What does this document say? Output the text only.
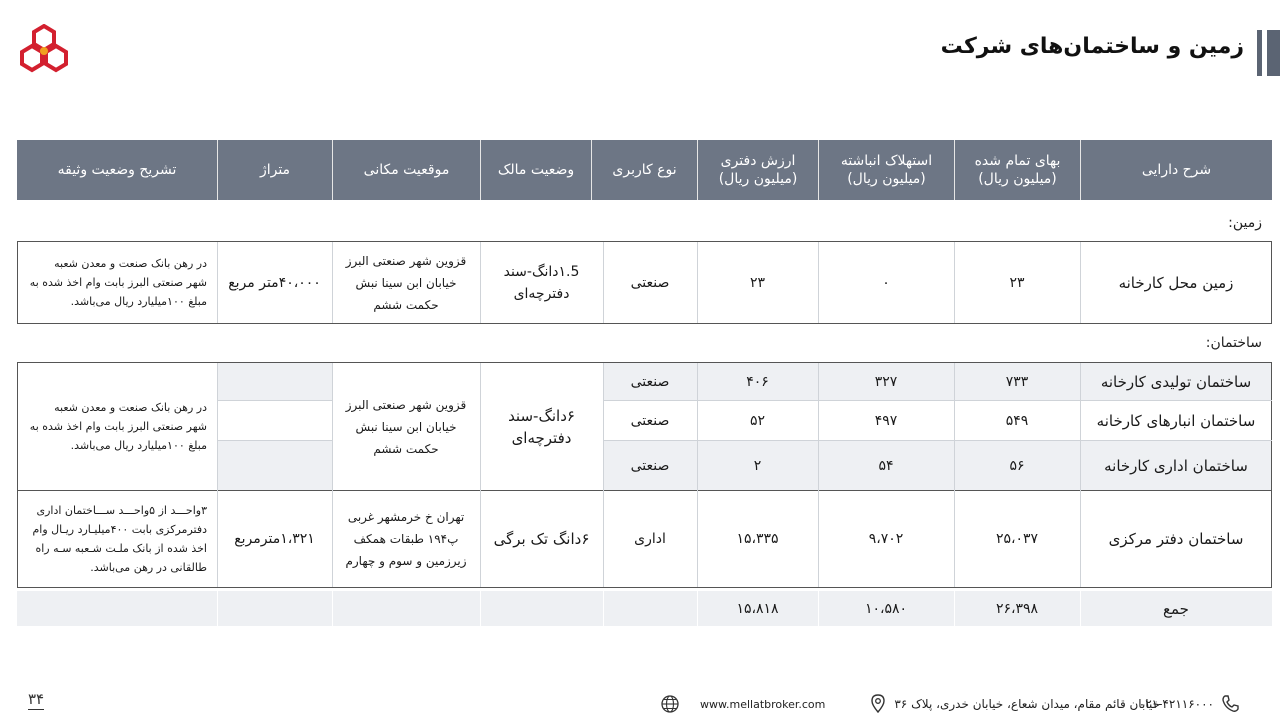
زمین و ساختمان‌های شرکت
شرح دارایی
بهای تمام شده
(میلیون ریال)
استهلاک انباشته
(میلیون ریال)
ارزش دفتری
(میلیون ریال)
نوع کاربری
وضعیت مالک
موقعیت مکانی
متراژ
تشریح وضعیت وثیقه
زمین:
زمین محل کارخانه
۲۳
۰
۲۳
صنعتی
۱.5دانگ-سند
دفترچه‌ای
قزوین شهر صنعتی البرز
خیابان ابن سینا نبش
حکمت ششم
۴۰،۰۰۰متر مربع
در رهن بانک صنعت و معدن شعبه
شهر صنعتی البرز بابت وام اخذ شده به
مبلغ ۱۰۰میلیارد ریال می‌باشد.
ساختمان:
ساختمان تولیدی کارخانه
۷۳۳
۳۲۷
۴۰۶
صنعتی
ساختمان انبارهای کارخانه
۵۴۹
۴۹۷
۵۲
صنعتی
ساختمان اداری کارخانه
۵۶
۵۴
۲
صنعتی
۶دانگ-سند
دفترچه‌ای
قزوین شهر صنعتی البرز
خیابان ابن سینا نبش
حکمت ششم
در رهن بانک صنعت و معدن شعبه
شهر صنعتی البرز بابت وام اخذ شده به
مبلغ ۱۰۰میلیارد ریال می‌باشد.
ساختمان دفتر مرکزی
۲۵،۰۳۷
۹،۷۰۲
۱۵،۳۳۵
اداری
۶دانگ تک برگی
تهران خ خرمشهر غربی
پ۱۹۴ طبقات همکف
زیرزمین و سوم و چهارم
۱،۳۲۱مترمربع
۳واحـــد از ۵واحـــد ســـاختمان اداری
دفترمرکزی بابت ۴۰۰میلیـارد ریـال وام
اخذ شده از بانک ملـت شـعبه سـه راه
طالقانی در رهن می‌باشد.
جمع
۲۶،۳۹۸
۱۰،۵۸۰
۱۵،۸۱۸
۰۲۱-۴۲۱۱۶۰۰۰
خیابان قائم مقام، میدان شعاع، خیابان خدری، پلاک ۳۶
www.mellatbroker.com
۳۴
